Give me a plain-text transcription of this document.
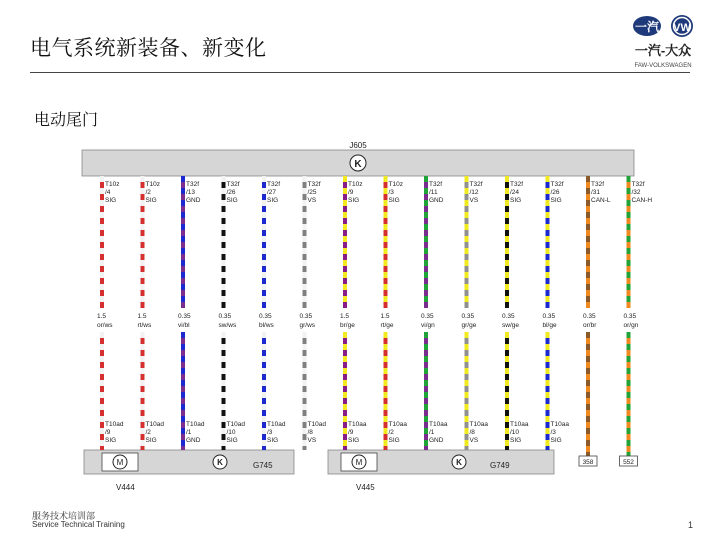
电气系统新装备、新变化
电动尾门
一汽 VW
一汽-大众
FAW-VOLKSWAGEN
J605
K
T10z
/4
SIG
1.5
or/ws
T10ad
/9
SIG
T10z
/2
SIG
1.5
rt/ws
T10ad
/2
SIG
T32f
/13
GND
0.35
vi/bl
T10ad
/1
GND
T32f
/26
SIG
0.35
sw/ws
T10ad
/10
SIG
T32f
/27
SIG
0.35
bl/ws
T10ad
/3
SIG
T32f
/25
VS
0.35
gr/ws
T10ad
/8
VS
T10z
/9
SIG
1.5
br/ge
T10aa
/9
SIG
T10z
/3
SIG
1.5
rt/ge
T10aa
/2
SIG
T32f
/11
GND
0.35
vi/gn
T10aa
/1
GND
T32f
/12
VS
0.35
gr/ge
T10aa
/8
VS
T32f
/24
SIG
0.35
sw/ge
T10aa
/10
SIG
T32f
/26
SIG
0.35
bl/ge
T10aa
/3
SIG
T32f
/31
CAN-L
0.35
or/br
358
T32f
/32
CAN-H
0.35
or/gn
552
M
V444
K	G745	M
V445
K	G749
服务技术培训部
Service Technical Training	1
